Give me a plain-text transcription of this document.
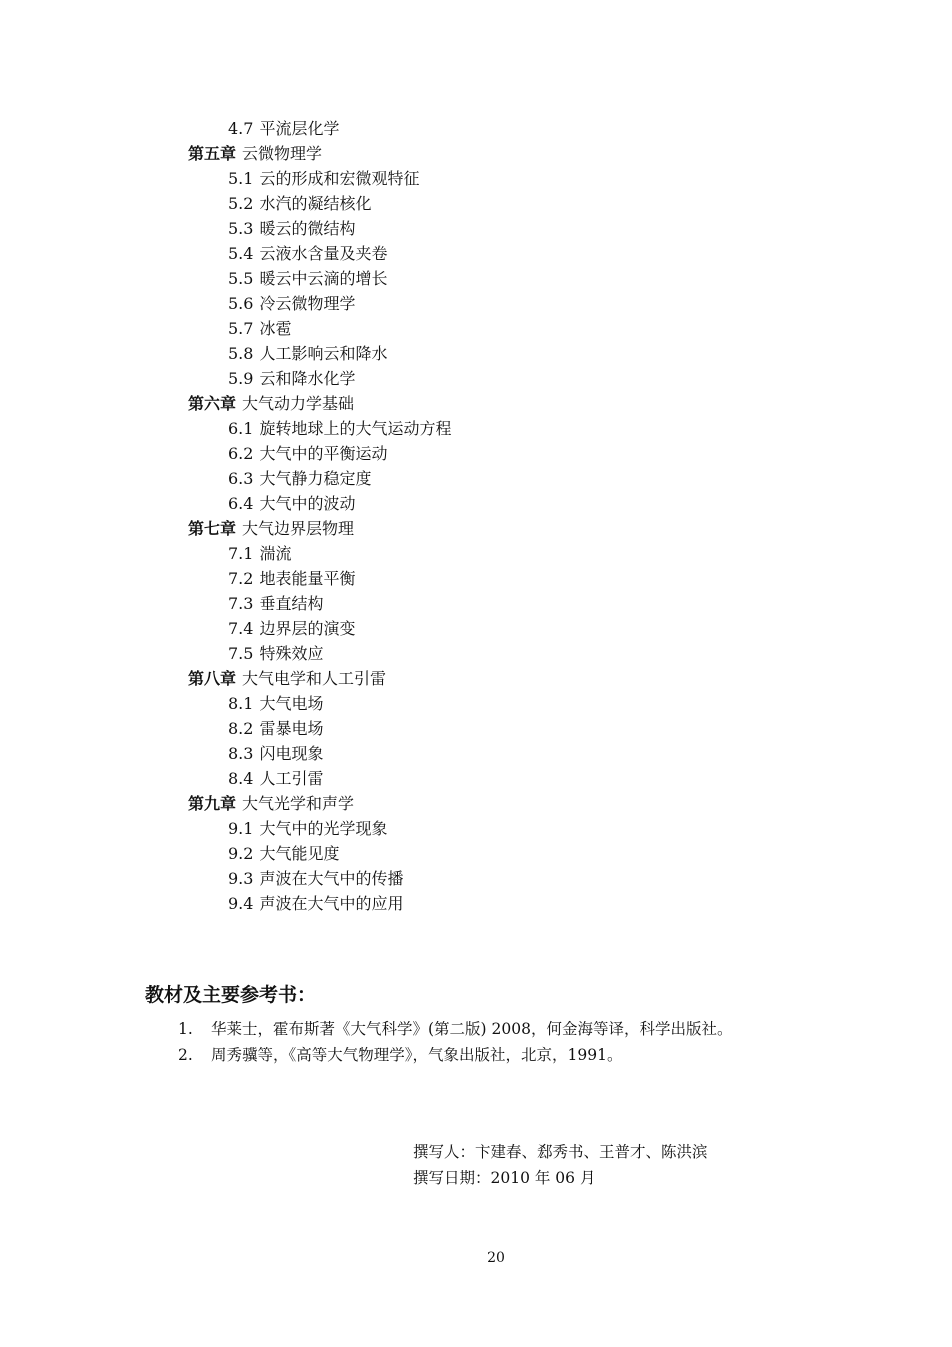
4.7 平流层化学
第五章 云微物理学
5.1 云的形成和宏微观特征
5.2 水汽的凝结核化
5.3 暖云的微结构
5.4 云液水含量及夹卷
5.5 暖云中云滴的增长
5.6 冷云微物理学
5.7 冰雹
5.8 人工影响云和降水
5.9 云和降水化学
第六章 大气动力学基础
6.1 旋转地球上的大气运动方程
6.2 大气中的平衡运动
6.3 大气静力稳定度
6.4 大气中的波动
第七章 大气边界层物理
7.1 湍流
7.2 地表能量平衡
7.3 垂直结构
7.4 边界层的演变
7.5 特殊效应
第八章 大气电学和人工引雷
8.1 大气电场
8.2 雷暴电场
8.3 闪电现象
8.4 人工引雷
第九章 大气光学和声学
9.1 大气中的光学现象
9.2 大气能见度
9.3 声波在大气中的传播
9.4 声波在大气中的应用
教材及主要参考书：
1. 华莱士，霍布斯著《大气科学》(第二版) 2008，何金海等译，科学出版社。
2. 周秀骥等，《高等大气物理学》，气象出版社，北京，1991。
撰写人：卞建春、郄秀书、王普才、陈洪滨
撰写日期：2010 年 06 月
20
